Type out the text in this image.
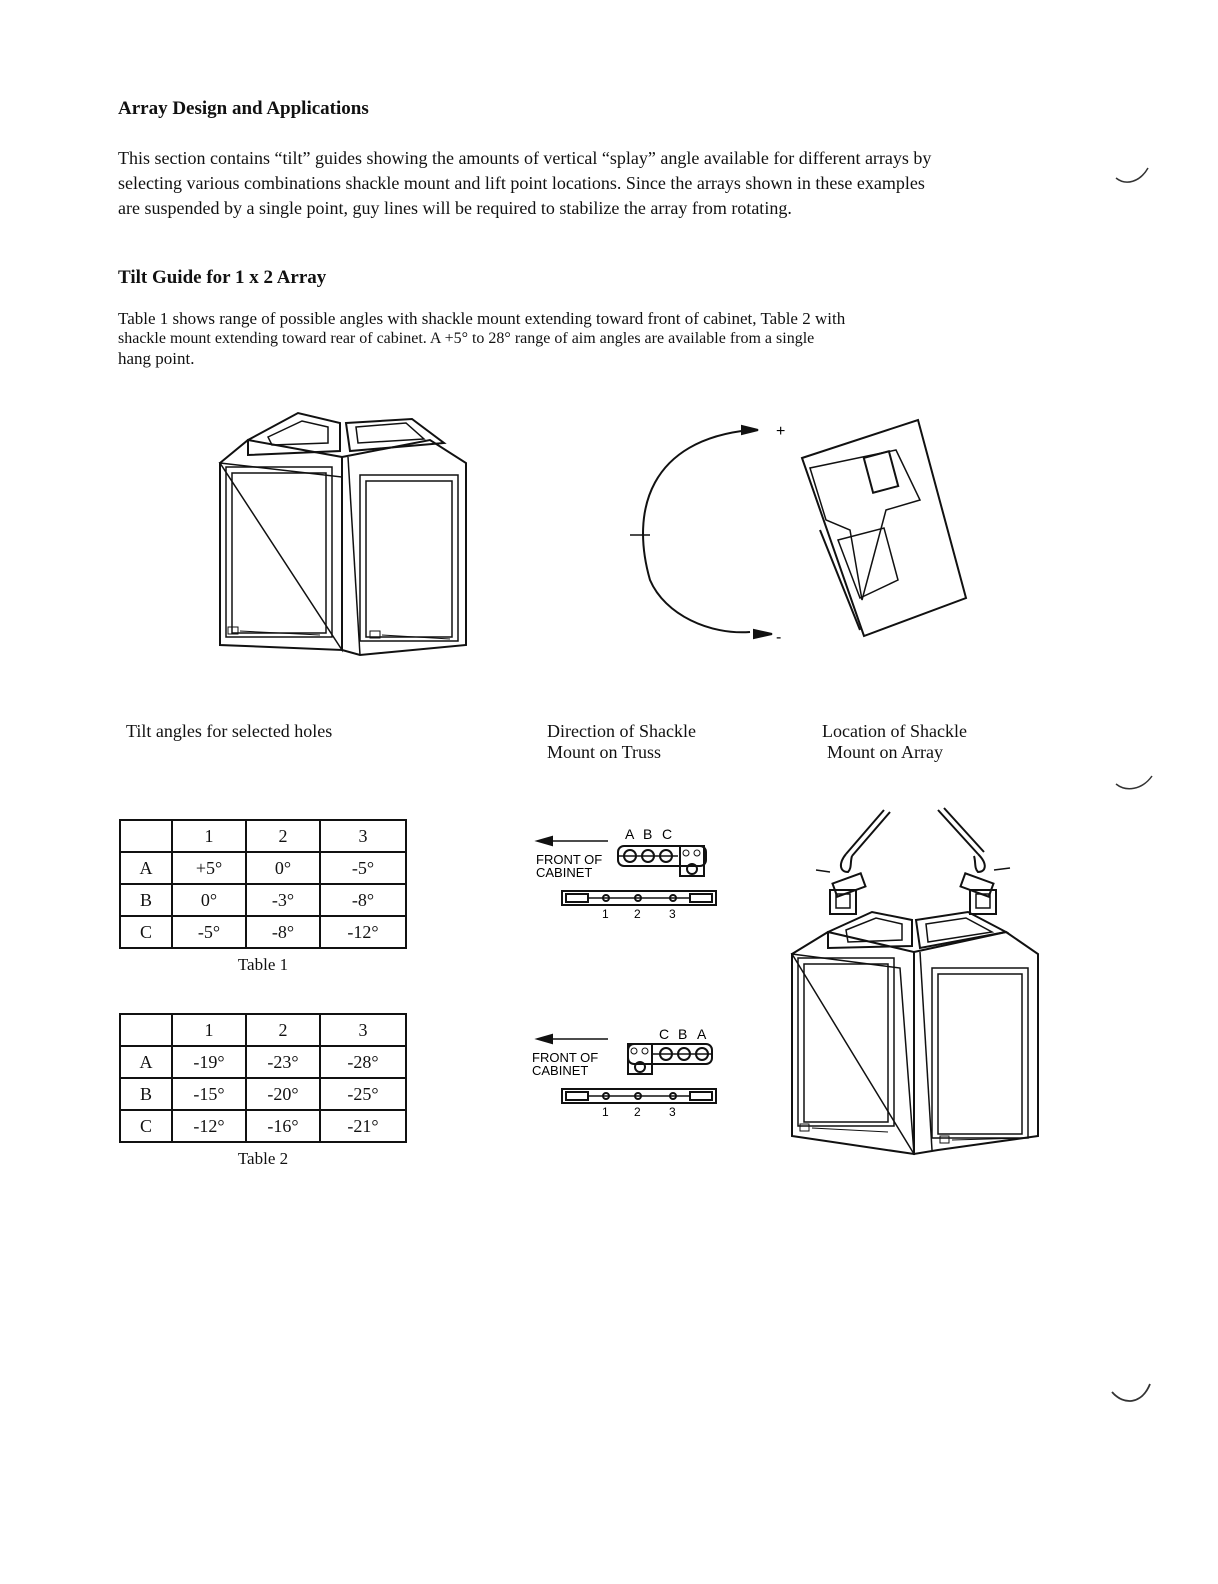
Array Design and Applications
This section contains “tilt” guides showing the amounts of vertical “splay” angle available for different arrays by
selecting various combinations shackle mount and lift point locations. Since the arrays shown in these examples
are suspended by a single point, guy lines will be required to stabilize the array from rotating.
Tilt Guide for 1 x 2 Array
Table 1 shows range of possible angles with shackle mount extending toward front of cabinet, Table 2 with
shackle mount extending toward rear of cabinet. A +5° to 28° range of aim angles are available from a single
hang point.
+
-
Tilt angles for selected holes	Direction of Shackle
Mount on Truss
Location of Shackle
Mount on Array
	1	2	3
A	+5°	0°	-5°
B	0°	-3°	-8°
C	-5°	-8°	-12°
Table 1
	1	2	3
A	-19°	-23°	-28°
B	-15°	-20°	-25°
C	-12°	-16°	-21°
Table 2
A B C
FRONT OF
CABINET
1 2 3
C B A
FRONT OF
CABINET
1 2 3
